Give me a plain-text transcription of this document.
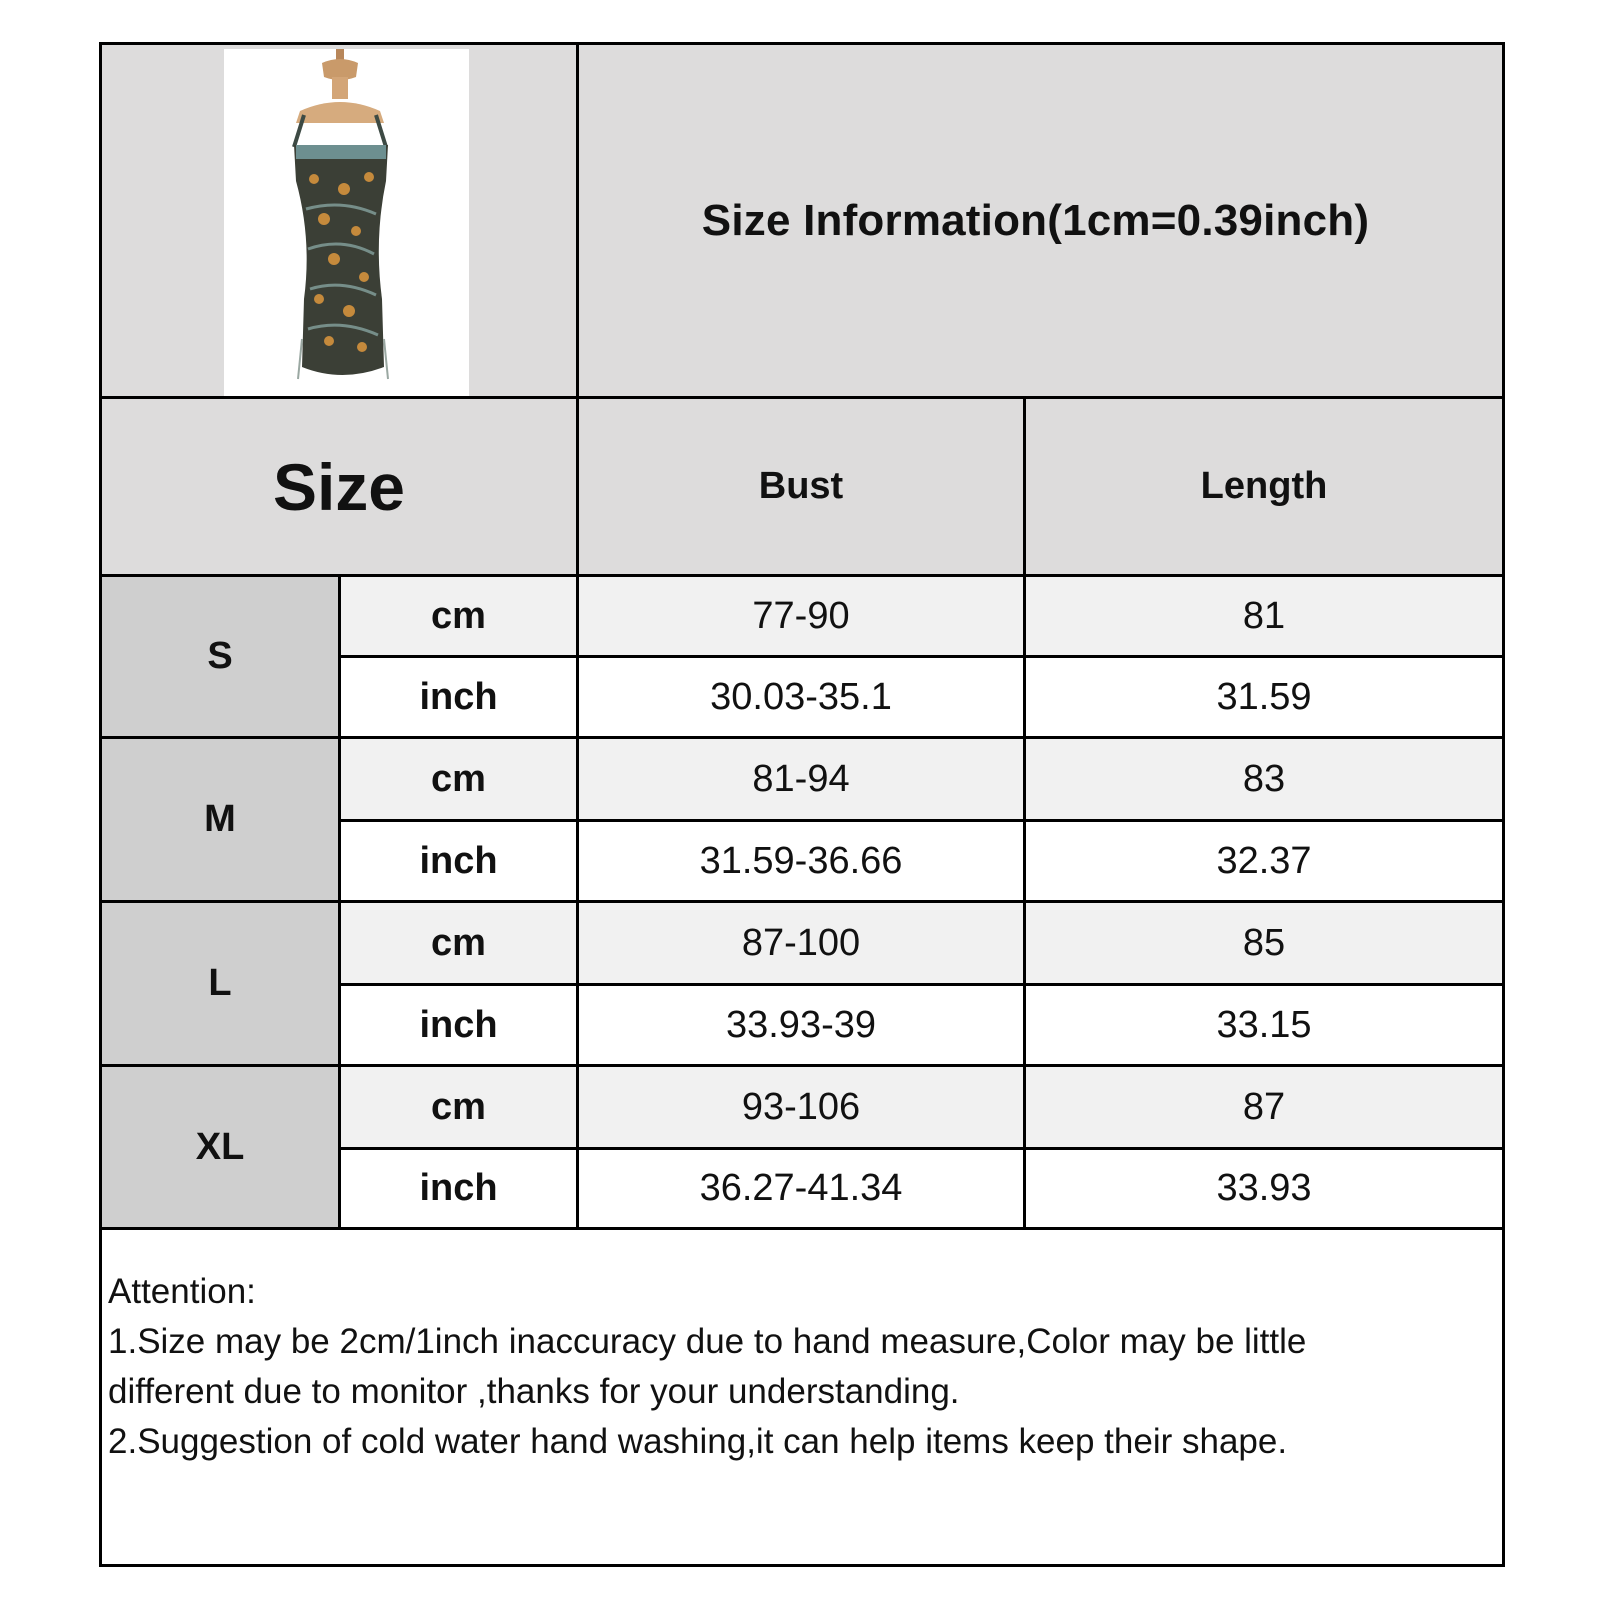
Size Information(1cm=0.39inch)
Size	Bust	Length
S
cm	77-90	81
inch	30.03-35.1	31.59
M
cm	81-94	83
inch	31.59-36.66	32.37
L
cm	87-100	85
inch	33.93-39	33.15
XL
cm	93-106	87
inch	36.27-41.34	33.93
Attention:
1.Size may be 2cm/1inch inaccuracy due to hand measure,Color may be little
different due to monitor ,thanks for your understanding.
2.Suggestion of cold water hand washing,it can help items keep their shape.
